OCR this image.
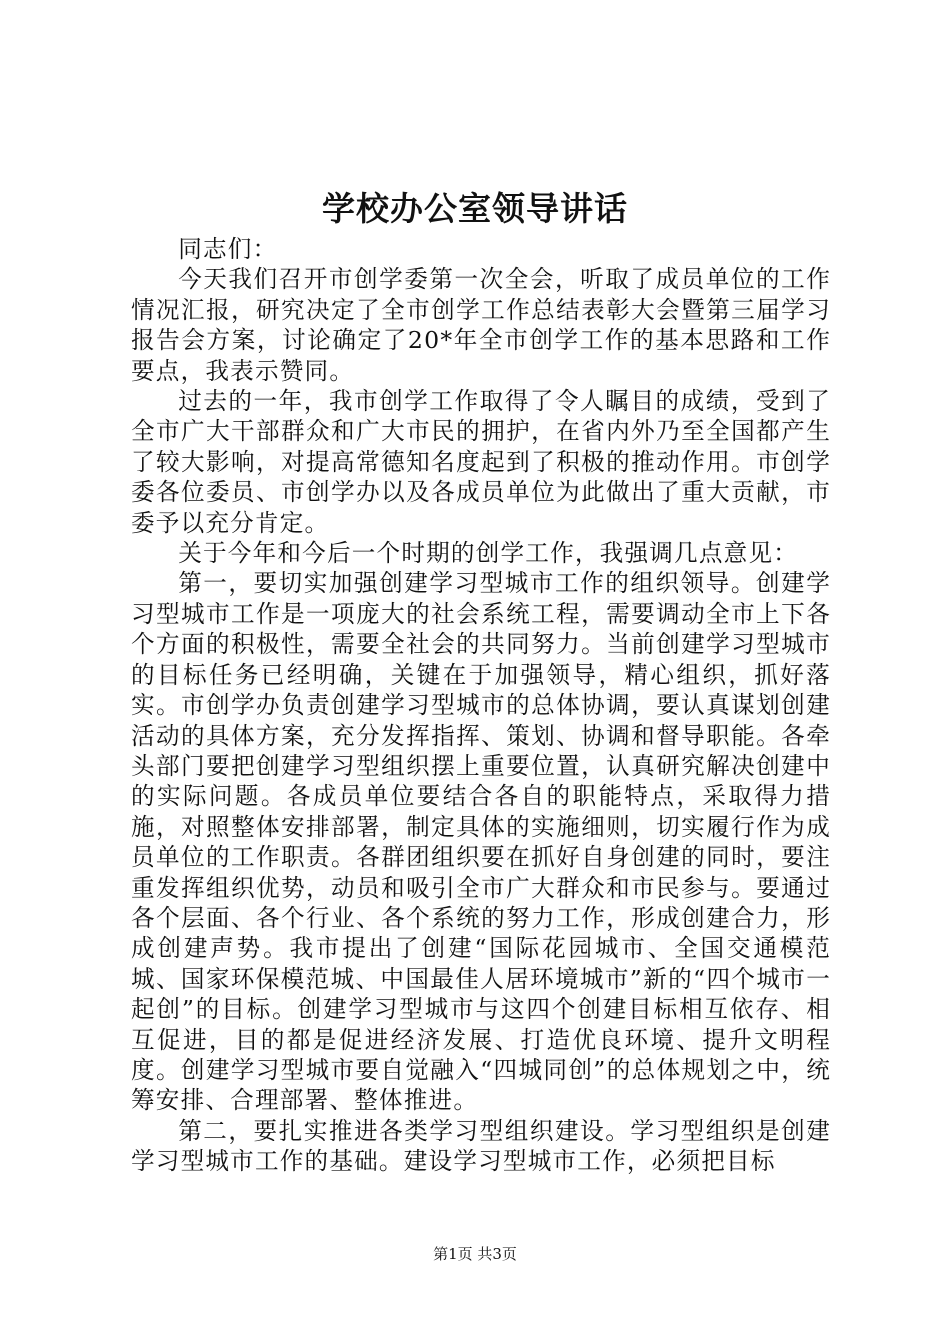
学校办公室领导讲话

同志们：

今天我们召开市创学委第一次全会，听取了成员单位的工作情况汇报，研究决定了全市创学工作总结表彰大会暨第三届学习报告会方案，讨论确定了20*年全市创学工作的基本思路和工作要点，我表示赞同。

过去的一年，我市创学工作取得了令人瞩目的成绩，受到了全市广大干部群众和广大市民的拥护，在省内外乃至全国都产生了较大影响，对提高常德知名度起到了积极的推动作用。市创学委各位委员、市创学办以及各成员单位为此做出了重大贡献，市委予以充分肯定。

关于今年和今后一个时期的创学工作，我强调几点意见：

第一，要切实加强创建学习型城市工作的组织领导。创建学习型城市工作是一项庞大的社会系统工程，需要调动全市上下各个方面的积极性，需要全社会的共同努力。当前创建学习型城市的目标任务已经明确，关键在于加强领导，精心组织，抓好落实。市创学办负责创建学习型城市的总体协调，要认真谋划创建活动的具体方案，充分发挥指挥、策划、协调和督导职能。各牵头部门要把创建学习型组织摆上重要位置，认真研究解决创建中的实际问题。各成员单位要结合各自的职能特点，采取得力措施，对照整体安排部署，制定具体的实施细则，切实履行作为成员单位的工作职责。各群团组织要在抓好自身创建的同时，要注重发挥组织优势，动员和吸引全市广大群众和市民参与。要通过各个层面、各个行业、各个系统的努力工作，形成创建合力，形成创建声势。我市提出了创建“国际花园城市、全国交通模范城、国家环保模范城、中国最佳人居环境城市”新的“四个城市一起创”的目标。创建学习型城市与这四个创建目标相互依存、相互促进，目的都是促进经济发展、打造优良环境、提升文明程度。创建学习型城市要自觉融入“四城同创”的总体规划之中，统筹安排、合理部署、整体推进。

第二，要扎实推进各类学习型组织建设。学习型组织是创建学习型城市工作的基础。建设学习型城市工作，必须把目标

第1页 共3页
